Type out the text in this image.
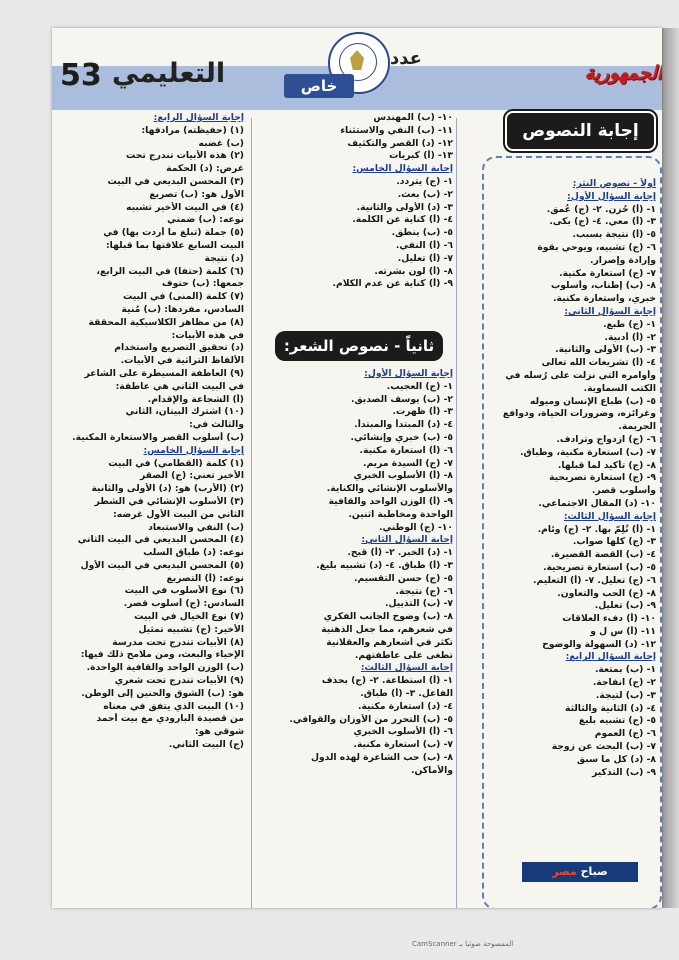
53 التعليمي	عدد
خاص
الجمهورية
إجابة النصوص
أولاً - نصوص النثر:
إجابة السؤال الأول:
١- (أ) حُزن. ٢- (ج) عُمق.
٣- (أ) معي. ٤- (ج) بكى.
٥- (أ) نتيجة بسبب.
٦- (ج) تشبيه، ويوحي بقوة
وإرادة وإصرار.
٧- (ج) استعارة مكنية.
٨- (ب) إطناب، وأسلوب
خبري، واستعارة مكنية.
إجابة السؤال الثاني:
١- (ج) طبع.
٢- (أ) أدبية.
٣- (ب) الأولى والثانية.
٤- (أ) تشريعات الله تعالى
وأوامره التي نزلت على رُسله في
الكتب السماوية.
٥- (ب) طباع الإنسان وميوله
وغرائزه، وضرورات الحياة، ودوافع
الجريمة.
٦- (ج) ازدواج وترادف.
٧- (ب) استعارة مكنية، وطباق.
٨- (ج) تأكيد لما قبلها.
٩- (ج) استعارة تصريحية
وأسلوب قصر.
١٠- (د) المقال الاجتماعي.
إجابة السؤال الثالث:
١- (أ) تُلِمّ بها. ٢- (ج) وئام.
٣- (ج) كلها صواب.
٤- (ب) القصة القصيرة.
٥- (ب) استعارة تصريحية.
٦- (ج) تعليل. ٧- (أ) التعليم.
٨- (ج) الحب والتعاون.
٩- (ب) تعليل.
١٠- (أ) دفء العلاقات
١١- (أ) س ل و
١٢- (د) السهولة والوضوح
إجابة السؤال الرابع:
١- (ب) بمتعة.
٢- (ج) انفاجة.
٣- (ب) لتيجة.
٤- (د) الثانية والثالثة
٥- (ج) تشبيه بليغ
٦- (ج) العموم
٧- (ب) البحث عن زوجة
٨- (د) كل ما سبق
٩- (ب) التذكير
١٠- (ب) المهندس
١١- (ب) النفي والاستثناء
١٢- (د) القصر والتكثيف
١٣- (أ) كبريات
إجابة السؤال الخامس:
١- (ج) يتردد.
٢- (ب) بعث.
٣- (د) الأولى والثانية.
٤- (أ) كناية عن الكلمة.
٥- (ب) ينطق.
٦- (أ) النفي.
٧- (أ) تعليل.
٨- (أ) لون بشرته.
٩- (أ) كناية عن عدم الكلام.
ثانياً - نصوص الشعر:
إجابة السؤال الأول:
١- (ج) العجيب.
٢- (ب) يوسف الصديق.
٣- (أ) ظهرت.
٤- (د) المبتدأ والمبتدأ.
٥- (ب) خبري وإنشائي.
٦- (أ) استعارة مكنية.
٧- (ج) السيدة مريم.
٨- (أ) الأسلوب الخبري
والأسلوب الإنشائي والكناية.
٩- (أ) الوزن الواحد والقافية
الواحدة ومخاطبة اثنين.
١٠- (ج) الوطني.
إجابة السؤال الثاني:
١- (د) الخبر. ٢- (أ) قبح.
٣- (أ) طباق. ٤- (د) تشبيه بليغ.
٥- (ج) حسن التقسيم.
٦- (ج) نتيجة.
٧- (ب) التذييل.
٨- (ب) وضوح الجانب الفكري
في شعرهم، مما جعل الذهنية
تكثر في أشعارهم والعقلانية
تطغى على عاطفتهم.
إجابة السؤال الثالث:
١- (أ) استطاعة. ٢- (ج) بحذف
الفاعل. ٣- (أ) طباق.
٤- (د) استعارة مكنية.
٥- (ب) التحرر من الأوزان والقوافي.
٦- (أ) الأسلوب الخبري
٧- (ب) استعارة مكنية.
٨- (ب) حب الشاعرة لهذه الدول
والأماكن.
إجابة السؤال الرابع:
(١) (حفيظته) مرادفها:
(ب) غضبه
(٢) هذه الأبيات تندرج تحت
غرض: (د) الحكمة
(٣) المحسن البديعي في البيت
الأول هو: (ب) تصريع
(٤) في البيت الأخير تشبيه
نوعه: (ب) ضمني
(٥) جملة (تبلغ ما أردت بها) في
البيت السابع علاقتها بما قبلها:
(د) نتيجة
(٦) كلمة (حتفا) في البيت الرابع،
جمعها: (ب) حتوف
(٧) كلمة (المنى) في البيت
السادس، مفردها: (ب) مُنية
(٨) من مظاهر الكلاسيكية المحققة
في هذه الأبيات:
(د) تحقيق التصريع واستخدام
الألفاظ التراثية في الأبيات.
(٩) العاطفة المسيطرة على الشاعر
في البيت الثاني هي عاطفة:
(أ) الشجاعة والإقدام.
(١٠) اشترك البيتان، الثاني
والثالث في:
(ب) أسلوب القصر والاستعارة المكنية.
إجابة السؤال الخامس:
(١) كلمة (القطامي) في البيت
الأخير تعني: (ج) الصقر
(٢) (الأرب) هو: (د) الأولى والثانية
(٣) الأسلوب الإنشائي في الشطر
الثاني من البيت الأول غرضه:
(ب) النفي والاستبعاد
(٤) المحسن البديعي في البيت الثاني
نوعه: (د) طباق السلب
(٥) المحسن البديعي في البيت الأول
نوعه: (أ) التصريع
(٦) نوع الأسلوب في البيت
السادس: (ج) أسلوب قصر.
(٧) نوع الخيال في البيت
الأخير: (ج) تشبيه تمثيل
(٨) الأبيات تندرج تحت مدرسة
الإحياء والبعث، ومن ملامح ذلك فيها:
(ب) الوزن الواحد والقافية الواحدة.
(٩) الأبيات تندرج تحت شعري
هو: (ب) الشوق والحنين إلى الوطن.
(١٠) البيت الذي يتفق في معناه
من قصيدة البارودي مع بيت أحمد
شوقي هو:
(ج) البيت الثاني.
صباح مصر
الممسوحة ضوئيا بـ CamScanner
